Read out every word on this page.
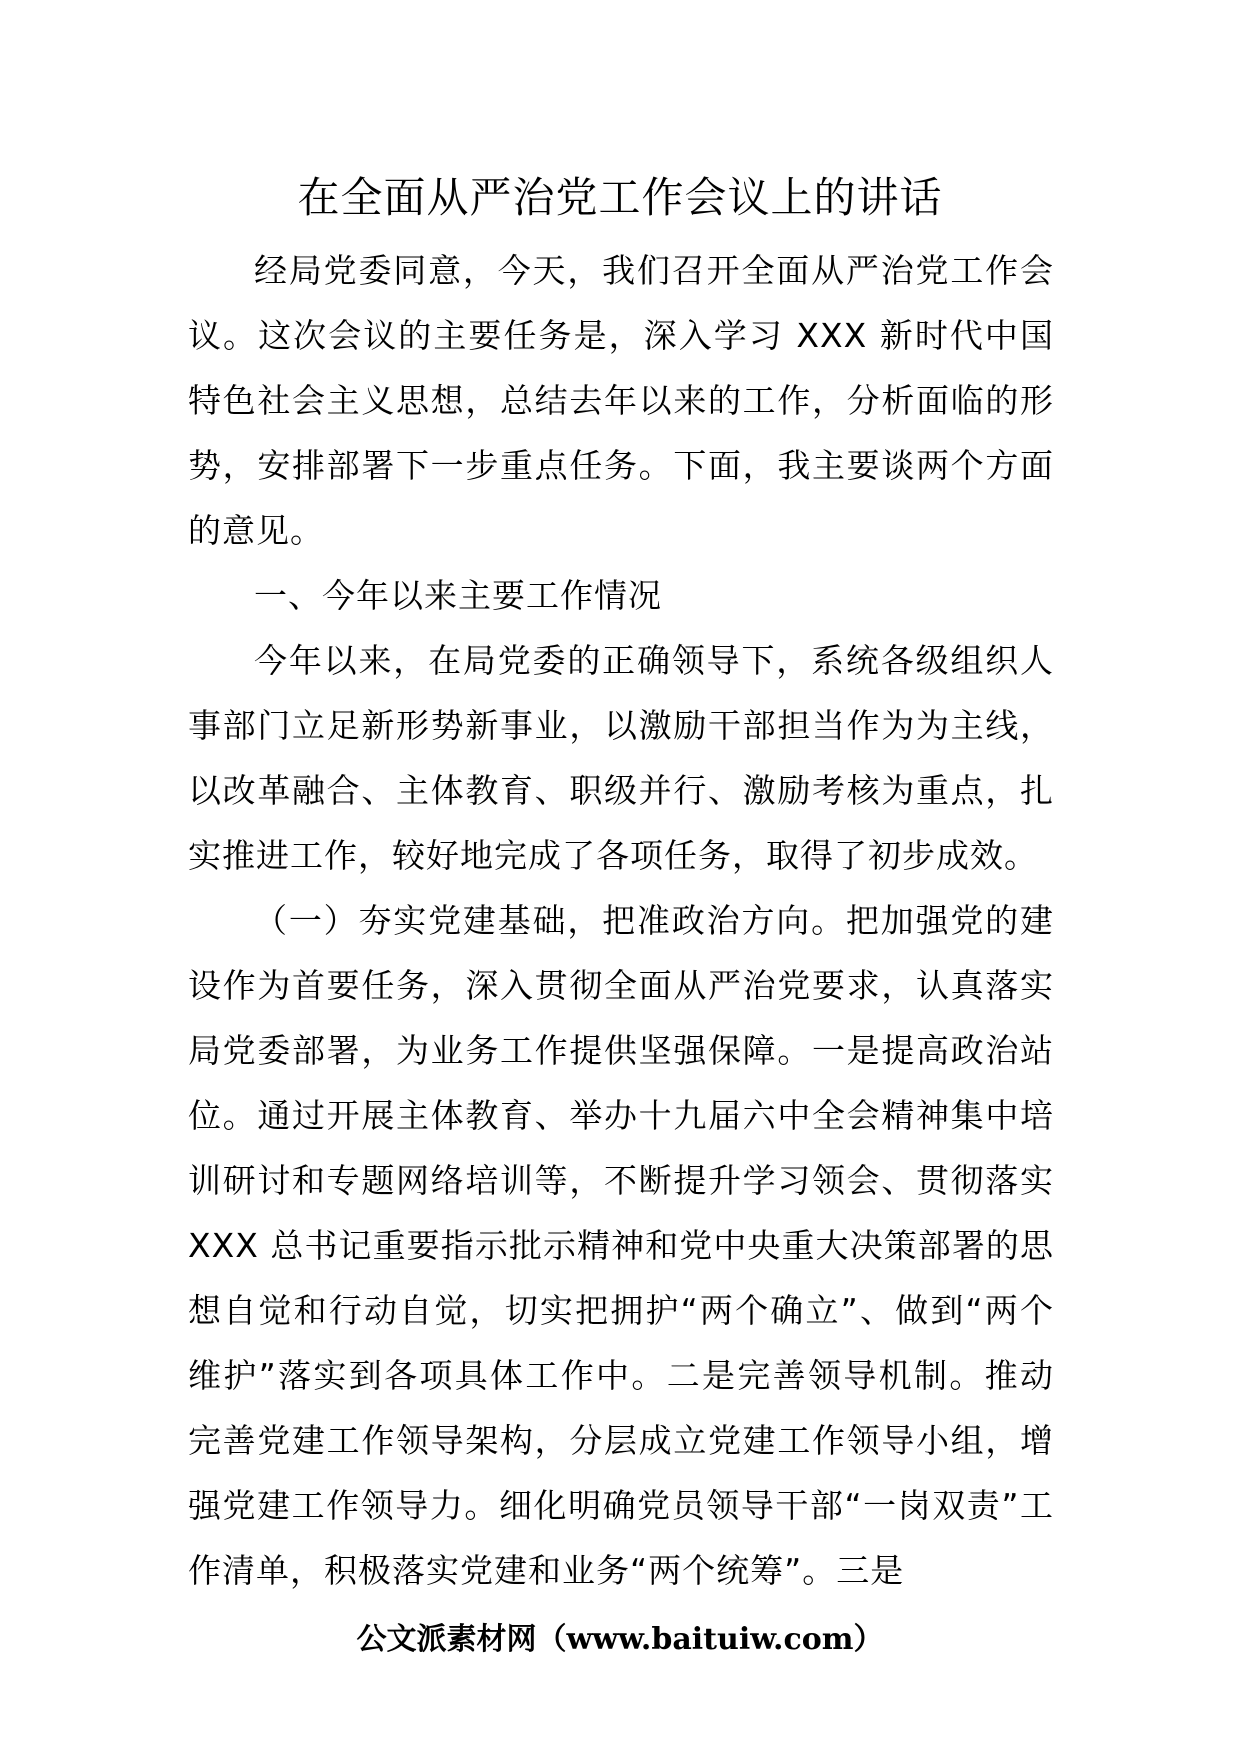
在全面从严治党工作会议上的讲话

经局党委同意，今天，我们召开全面从严治党工作会议。这次会议的主要任务是，深入学习 XXX 新时代中国特色社会主义思想，总结去年以来的工作，分析面临的形势，安排部署下一步重点任务。下面，我主要谈两个方面的意见。

一、今年以来主要工作情况

今年以来，在局党委的正确领导下，系统各级组织人事部门立足新形势新事业，以激励干部担当作为为主线，以改革融合、主体教育、职级并行、激励考核为重点，扎实推进工作，较好地完成了各项任务，取得了初步成效。

（一）夯实党建基础，把准政治方向。把加强党的建设作为首要任务，深入贯彻全面从严治党要求，认真落实局党委部署，为业务工作提供坚强保障。一是提高政治站位。通过开展主体教育、举办十九届六中全会精神集中培训研讨和专题网络培训等，不断提升学习领会、贯彻落实 XXX 总书记重要指示批示精神和党中央重大决策部署的思想自觉和行动自觉，切实把拥护“两个确立”、做到“两个维护”落实到各项具体工作中。二是完善领导机制。推动完善党建工作领导架构，分层成立党建工作领导小组，增强党建工作领导力。细化明确党员领导干部“一岗双责”工作清单，积极落实党建和业务“两个统筹”。三是

公文派素材网（www.baituiw.com）
